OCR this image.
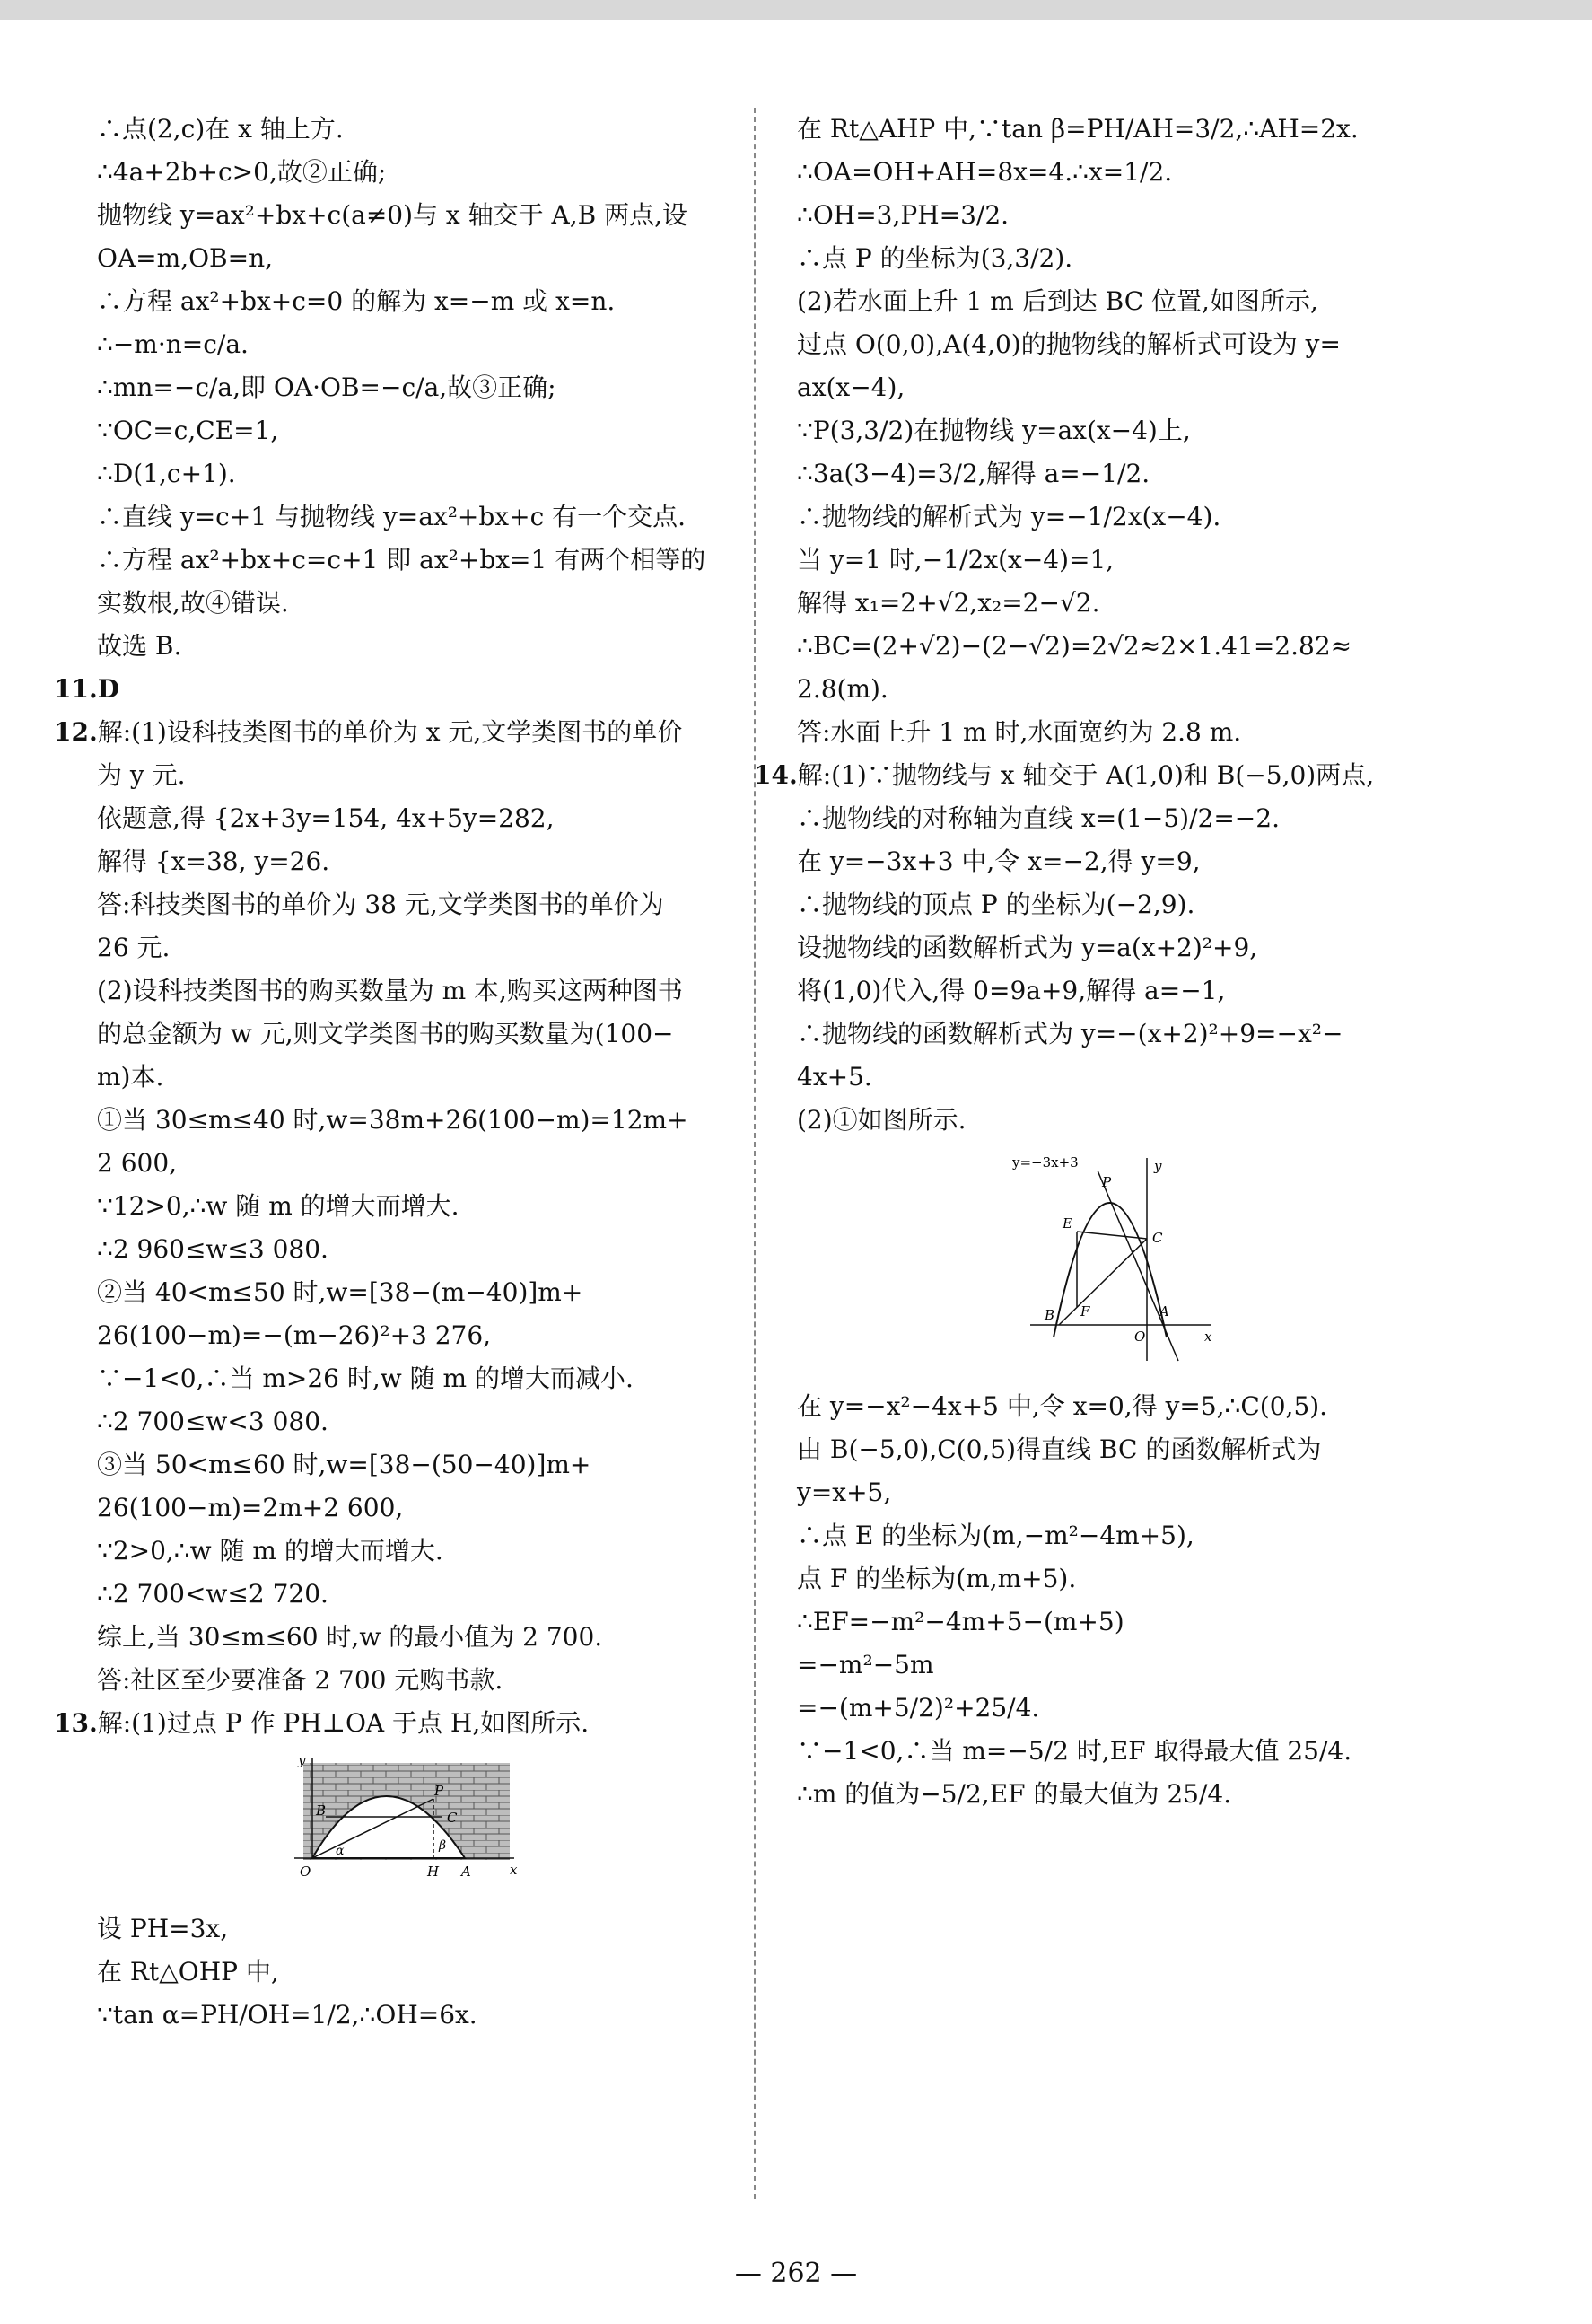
∴点(2,c)在 x 轴上方.
∴4a+2b+c>0,故②正确;
抛物线 y=ax²+bx+c(a≠0)与 x 轴交于 A,B 两点,设
OA=m,OB=n,
∴方程 ax²+bx+c=0 的解为 x=−m 或 x=n.
∴−m·n=c/a.
∴mn=−c/a,即 OA·OB=−c/a,故③正确;
∵OC=c,CE=1,
∴D(1,c+1).
∴直线 y=c+1 与抛物线 y=ax²+bx+c 有一个交点.
∴方程 ax²+bx+c=c+1 即 ax²+bx=1 有两个相等的
实数根,故④错误.
故选 B.
11.D
12.解:(1)设科技类图书的单价为 x 元,文学类图书的单价
为 y 元.
依题意,得 {2x+3y=154, 4x+5y=282,
解得 {x=38, y=26.
答:科技类图书的单价为 38 元,文学类图书的单价为
26 元.
(2)设科技类图书的购买数量为 m 本,购买这两种图书
的总金额为 w 元,则文学类图书的购买数量为(100−
m)本.
①当 30≤m≤40 时,w=38m+26(100−m)=12m+
2 600,
∵12>0,∴w 随 m 的增大而增大.
∴2 960≤w≤3 080.
②当 40<m≤50 时,w=[38−(m−40)]m+
26(100−m)=−(m−26)²+3 276,
∵−1<0,∴当 m>26 时,w 随 m 的增大而减小.
∴2 700≤w<3 080.
③当 50<m≤60 时,w=[38−(50−40)]m+
26(100−m)=2m+2 600,
∵2>0,∴w 随 m 的增大而增大.
∴2 700<w≤2 720.
综上,当 30≤m≤60 时,w 的最小值为 2 700.
答:社区至少要准备 2 700 元购书款.
13.解:(1)过点 P 作 PH⊥OA 于点 H,如图所示.
y
x
O	H A
B	C
P
α	β
设 PH=3x,
在 Rt△OHP 中,
∵tan α=PH/OH=1/2,∴OH=6x.
在 Rt△AHP 中,∵tan β=PH/AH=3/2,∴AH=2x.
∴OA=OH+AH=8x=4.∴x=1/2.
∴OH=3,PH=3/2.
∴点 P 的坐标为(3,3/2).
(2)若水面上升 1 m 后到达 BC 位置,如图所示,
过点 O(0,0),A(4,0)的抛物线的解析式可设为 y=
ax(x−4),
∵P(3,3/2)在抛物线 y=ax(x−4)上,
∴3a(3−4)=3/2,解得 a=−1/2.
∴抛物线的解析式为 y=−1/2x(x−4).
当 y=1 时,−1/2x(x−4)=1,
解得 x₁=2+√2,x₂=2−√2.
∴BC=(2+√2)−(2−√2)=2√2≈2×1.41=2.82≈
2.8(m).
答:水面上升 1 m 时,水面宽约为 2.8 m.
14.解:(1)∵抛物线与 x 轴交于 A(1,0)和 B(−5,0)两点,
∴抛物线的对称轴为直线 x=(1−5)/2=−2.
在 y=−3x+3 中,令 x=−2,得 y=9,
∴抛物线的顶点 P 的坐标为(−2,9).
设抛物线的函数解析式为 y=a(x+2)²+9,
将(1,0)代入,得 0=9a+9,解得 a=−1,
∴抛物线的函数解析式为 y=−(x+2)²+9=−x²−
4x+5.
(2)①如图所示.
y=−3x+3	y
x
O
A
B
C
E
F
P
在 y=−x²−4x+5 中,令 x=0,得 y=5,∴C(0,5).
由 B(−5,0),C(0,5)得直线 BC 的函数解析式为
y=x+5,
∴点 E 的坐标为(m,−m²−4m+5),
点 F 的坐标为(m,m+5).
∴EF=−m²−4m+5−(m+5)
=−m²−5m
=−(m+5/2)²+25/4.
∵−1<0,∴当 m=−5/2 时,EF 取得最大值 25/4.
∴m 的值为−5/2,EF 的最大值为 25/4.
— 262 —
